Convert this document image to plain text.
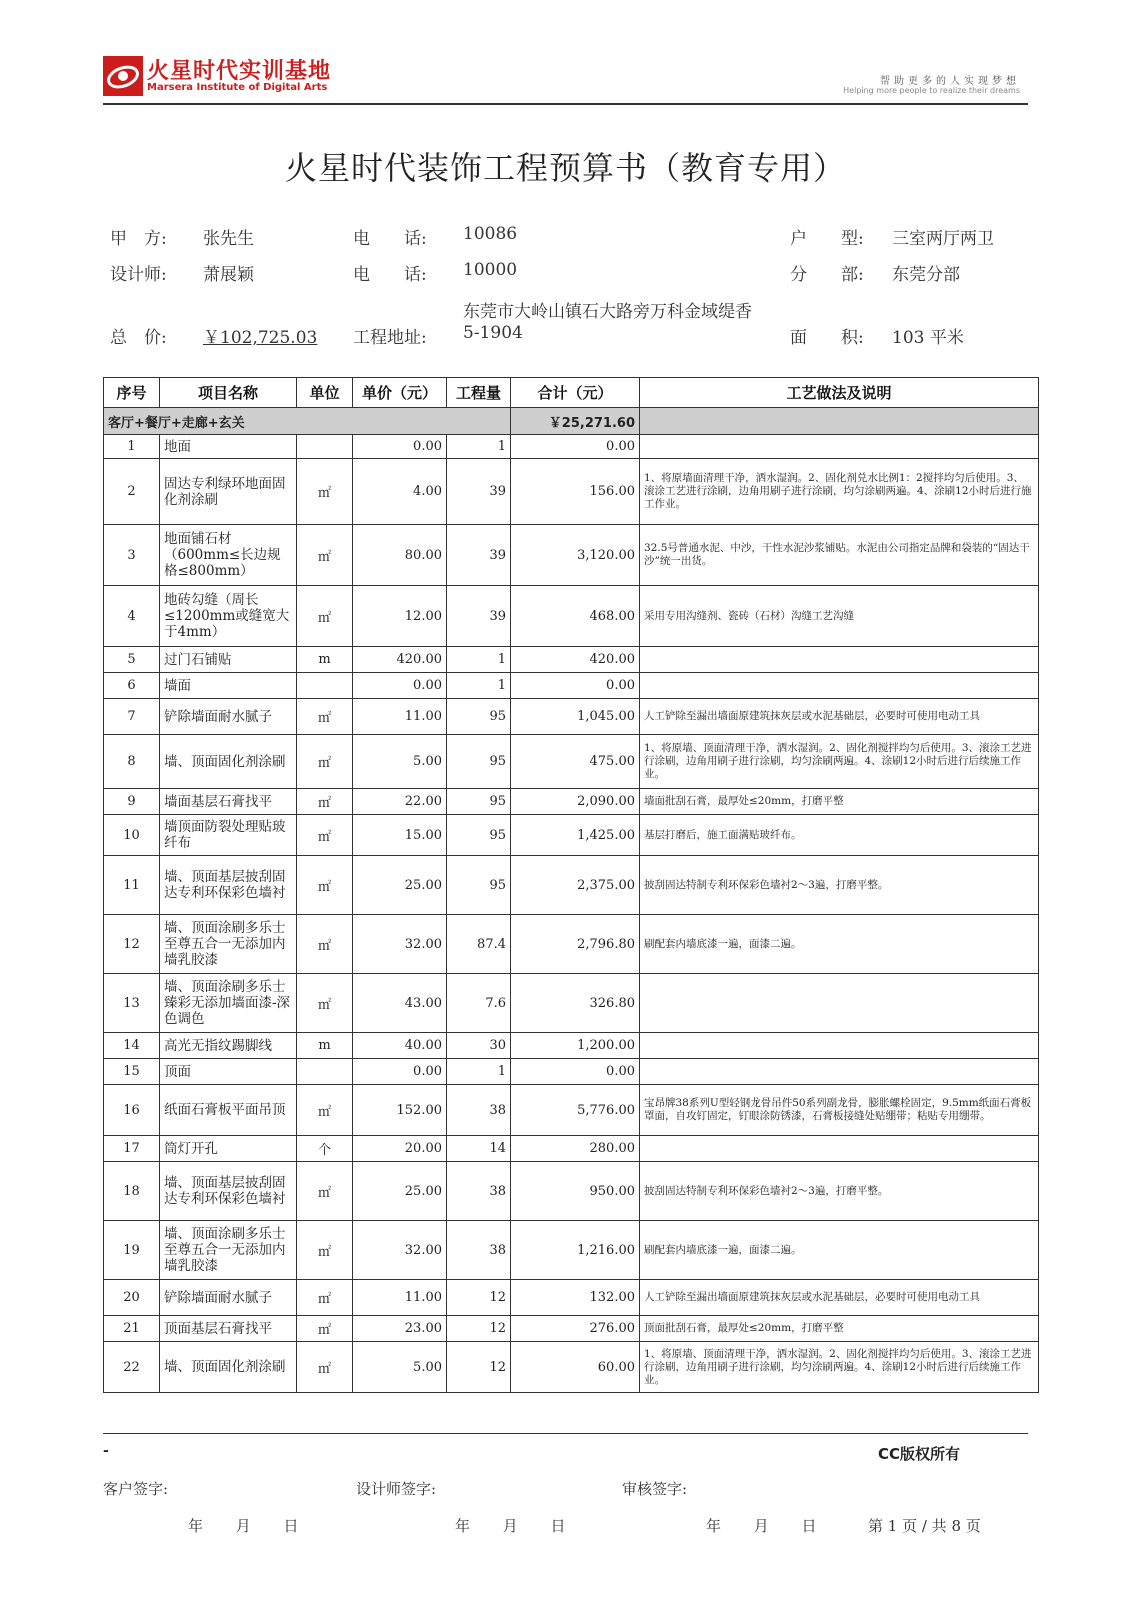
火星时代实训基地
Marsera Institute of Digital Arts
帮助更多的人实现梦想
Helping more people to realize their dreams
火星时代装饰工程预算书（教育专用）
甲　方: 张先生	电　　话: 10086	户　　型: 三室两厅两卫
设计师: 萧展颖	电　　话: 10000	分　　部: 东莞分部
东莞市大岭山镇石大路旁万科金域缇香
总　价: ￥102,725.03 工程地址: 5-1904	面　　积: 103 平米
序号	项目名称	单位	单价（元）	工程量	合计（元）	工艺做法及说明
客厅+餐厅+走廊+玄关					￥25,271.60	
1	地面		0.00	1	0.00	
2	固达专利绿环地面固化剂涂刷	㎡	4.00	39	156.00	1、将原墙面清理干净，洒水湿润。2、固化剂兑水比例1：2搅拌均匀后使用。3、滚涂工艺进行涂刷，边角用刷子进行涂刷，均匀涂刷两遍。4、涂刷12小时后进行施工作业。
3	地面铺石材（600mm≤长边规格≤800mm）	㎡	80.00	39	3,120.00	32.5号普通水泥、中沙，干性水泥沙浆铺贴。水泥由公司指定品牌和袋装的“固达干沙”统一出货。
4	地砖勾缝（周长≤1200mm或缝宽大于4mm）	㎡	12.00	39	468.00	采用专用沟缝剂、瓷砖（石材）沟缝工艺沟缝
5	过门石铺贴	m	420.00	1	420.00	
6	墙面		0.00	1	0.00	
7	铲除墙面耐水腻子	㎡	11.00	95	1,045.00	人工铲除至漏出墙面原建筑抹灰层或水泥基础层，必要时可使用电动工具
8	墙、顶面固化剂涂刷	㎡	5.00	95	475.00	1、将原墙、顶面清理干净，洒水湿润。2、固化剂搅拌均匀后使用。3、滚涂工艺进行涂刷，边角用刷子进行涂刷，均匀涂刷两遍。4、涂刷12小时后进行后续施工作业。
9	墙面基层石膏找平	㎡	22.00	95	2,090.00	墙面批刮石膏，最厚处≤20mm，打磨平整
10	墙顶面防裂处理贴玻纤布	㎡	15.00	95	1,425.00	基层打磨后，施工面满贴玻纤布。
11	墙、顶面基层披刮固达专利环保彩色墙衬	㎡	25.00	95	2,375.00	披刮固达特制专利环保彩色墙衬2～3遍，打磨平整。
12	墙、顶面涂刷多乐士至尊五合一无添加内墙乳胶漆	㎡	32.00	87.4	2,796.80	刷配套内墙底漆一遍，面漆二遍。
13	墙、顶面涂刷多乐士臻彩无添加墙面漆-深色调色	㎡	43.00	7.6	326.80	
14	高光无指纹踢脚线	m	40.00	30	1,200.00	
15	顶面		0.00	1	0.00	
16	纸面石膏板平面吊顶	㎡	152.00	38	5,776.00	宝昂牌38系列U型轻钢龙骨吊件50系列副龙骨，膨胀螺栓固定，9.5mm纸面石膏板罩面，自攻钉固定，钉眼涂防锈漆，石膏板接缝处贴绷带；粘贴专用绷带。
17	筒灯开孔	个	20.00	14	280.00	
18	墙、顶面基层披刮固达专利环保彩色墙衬	㎡	25.00	38	950.00	披刮固达特制专利环保彩色墙衬2～3遍，打磨平整。
19	墙、顶面涂刷多乐士至尊五合一无添加内墙乳胶漆	㎡	32.00	38	1,216.00	刷配套内墙底漆一遍，面漆二遍。
20	铲除墙面耐水腻子	㎡	11.00	12	132.00	人工铲除至漏出墙面原建筑抹灰层或水泥基础层，必要时可使用电动工具
21	顶面基层石膏找平	㎡	23.00	12	276.00	顶面批刮石膏，最厚处≤20mm，打磨平整
22	墙、顶面固化剂涂刷	㎡	5.00	12	60.00	1、将原墙、顶面清理干净，洒水湿润。2、固化剂搅拌均匀后使用。3、滚涂工艺进行涂刷，边角用刷子进行涂刷，均匀涂刷两遍。4、涂刷12小时后进行后续施工作业。
-	CC版权所有
客户签字:	设计师签字:	审核签字:
年 月 日	年 月 日	年 月 日	第 1 页 / 共 8 页
